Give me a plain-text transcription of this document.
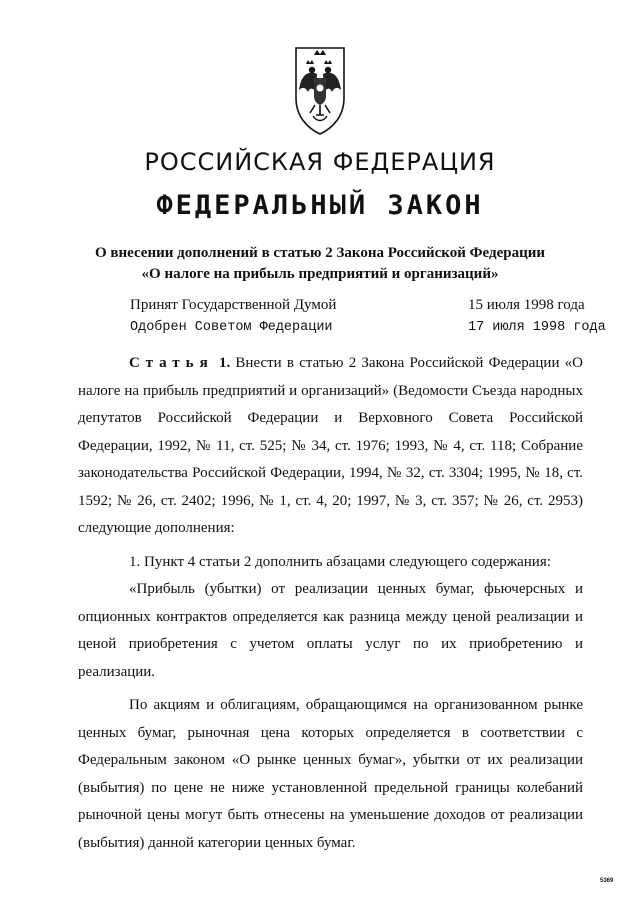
РОССИЙСКАЯ ФЕДЕРАЦИЯ
ФЕДЕРАЛЬНЫЙ ЗАКОН
О внесении дополнений в статью 2 Закона Российской Федерации
«О налоге на прибыль предприятий и организаций»
Принят Государственной Думой	15 июля 1998 года
Одобрен Советом Федерации	17 июля 1998 года

Статья 1. Внести в статью 2 Закона Российской Федерации «О налоге на прибыль предприятий и организаций» (Ведомости Съезда народных депутатов Российской Федерации и Верховного Совета Российской Федерации, 1992, № 11, ст. 525; № 34, ст. 1976; 1993, № 4, ст. 118; Собрание законодательства Российской Федерации, 1994, № 32, ст. 3304; 1995, № 18, ст. 1592; № 26, ст. 2402; 1996, № 1, ст. 4, 20; 1997, № 3, ст. 357; № 26, ст. 2953) следующие дополнения:

1. Пункт 4 статьи 2 дополнить абзацами следующего содержания:

«Прибыль (убытки) от реализации ценных бумаг, фьючерсных и опционных контрактов определяется как разница между ценой реализации и ценой приобретения с учетом оплаты услуг по их приобретению и реализации.

По акциям и облигациям, обращающимся на организованном рынке ценных бумаг, рыночная цена которых определяется в соответствии с Федеральным законом «О рынке ценных бумаг», убытки от их реализации (выбытия) по цене не ниже установленной предельной границы колебаний рыночной цены могут быть отнесены на уменьшение доходов от реализации (выбытия) данной категории ценных бумаг.

5369
